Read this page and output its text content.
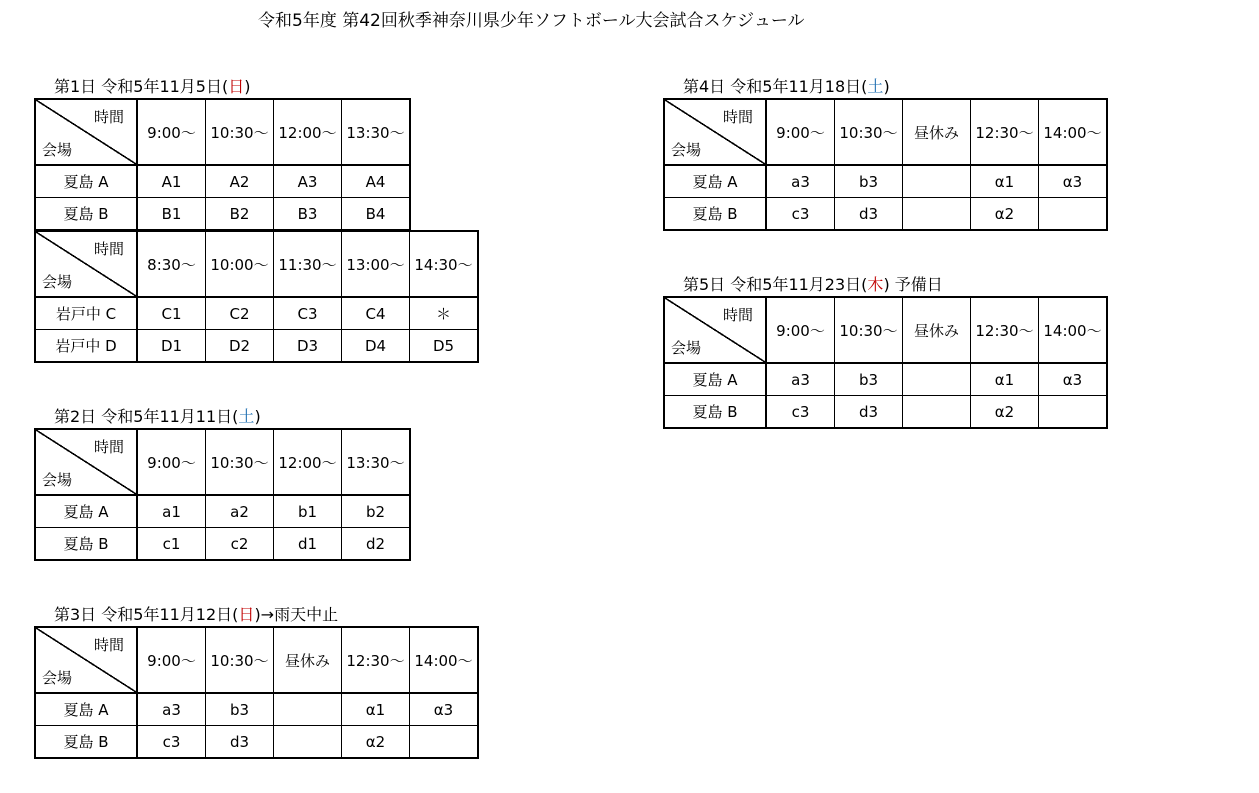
令和5年度 第42回秋季神奈川県少年ソフトボール大会試合スケジュール
第1日 令和5年11月5日(日)
時間
会場	9:00〜	10:30〜	12:00〜	13:30〜
夏島 A	A1	A2	A3	A4
夏島 B	B1	B2	B3	B4
時間
会場	8:30〜	10:00〜	11:30〜	13:00〜	14:30〜
岩戸中 C	C1	C2	C3	C4	＊
岩戸中 D	D1	D2	D3	D4	D5
第2日 令和5年11月11日(土)
時間
会場	9:00〜	10:30〜	12:00〜	13:30〜
夏島 A	a1	a2	b1	b2
夏島 B	c1	c2	d1	d2
第3日 令和5年11月12日(日)→雨天中止
時間
会場	9:00〜	10:30〜	昼休み	12:30〜	14:00〜
夏島 A	a3	b3		α1	α3
夏島 B	c3	d3		α2	
第4日 令和5年11月18日(土)
時間
会場	9:00〜	10:30〜	昼休み	12:30〜	14:00〜
夏島 A	a3	b3		α1	α3
夏島 B	c3	d3		α2	
第5日 令和5年11月23日(木) 予備日
時間
会場	9:00〜	10:30〜	昼休み	12:30〜	14:00〜
夏島 A	a3	b3		α1	α3
夏島 B	c3	d3		α2	
